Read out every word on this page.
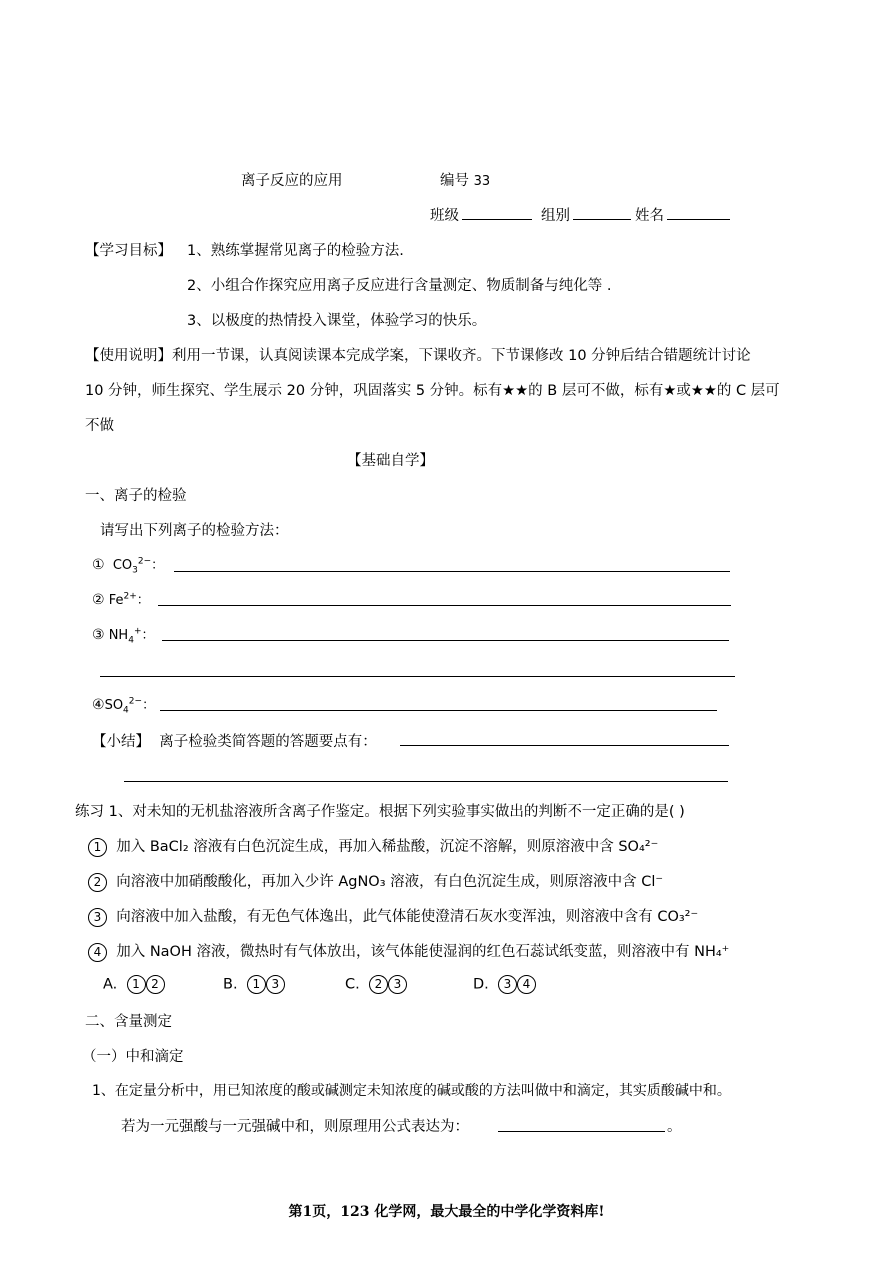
离子反应的应用	编号 33
班级	组别	姓名
【学习目标】 1、熟练掌握常见离子的检验方法.
2、小组合作探究应用离子反应进行含量测定、物质制备与纯化等 .
3、以极度的热情投入课堂，体验学习的快乐。
【使用说明】利用一节课，认真阅读课本完成学案，下课收齐。下节课修改 10 分钟后结合错题统计讨论
10 分钟，师生探究、学生展示 20 分钟，巩固落实 5 分钟。标有★★的 B 层可不做，标有★或★★的 C 层可
不做
【基础自学】
一、离子的检验
请写出下列离子的检验方法：
① $CO_3^{2-}$：
② $Fe^{2+}$：
③ $NH_4^+$：
$④SO_4^{2-}$：
【小结】 离子检验类简答题的答题要点有：
练习 1、对未知的无机盐溶液所含离子作鉴定。根据下列实验事实做出的判断不一定正确的是( )
1 加入 BaCl₂ 溶液有白色沉淀生成，再加入稀盐酸，沉淀不溶解，则原溶液中含 SO₄²⁻
2 向溶液中加硝酸酸化，再加入少许 AgNO₃ 溶液，有白色沉淀生成，则原溶液中含 Cl⁻
3 向溶液中加入盐酸，有无色气体逸出，此气体能使澄清石灰水变浑浊，则溶液中含有 CO₃²⁻
4 加入 NaOH 溶液，微热时有气体放出，该气体能使湿润的红色石蕊试纸变蓝，则溶液中有 NH₄⁺
A. 1 2	B. 1 3	C. 2 3	D. 3 4
二、含量测定
（一）中和滴定
1、在定量分析中，用已知浓度的酸或碱测定未知浓度的碱或酸的方法叫做中和滴定，其实质酸碱中和。
若为一元强酸与一元强碱中和，则原理用公式表达为：	。
第1页，123 化学网，最大最全的中学化学资料库!
